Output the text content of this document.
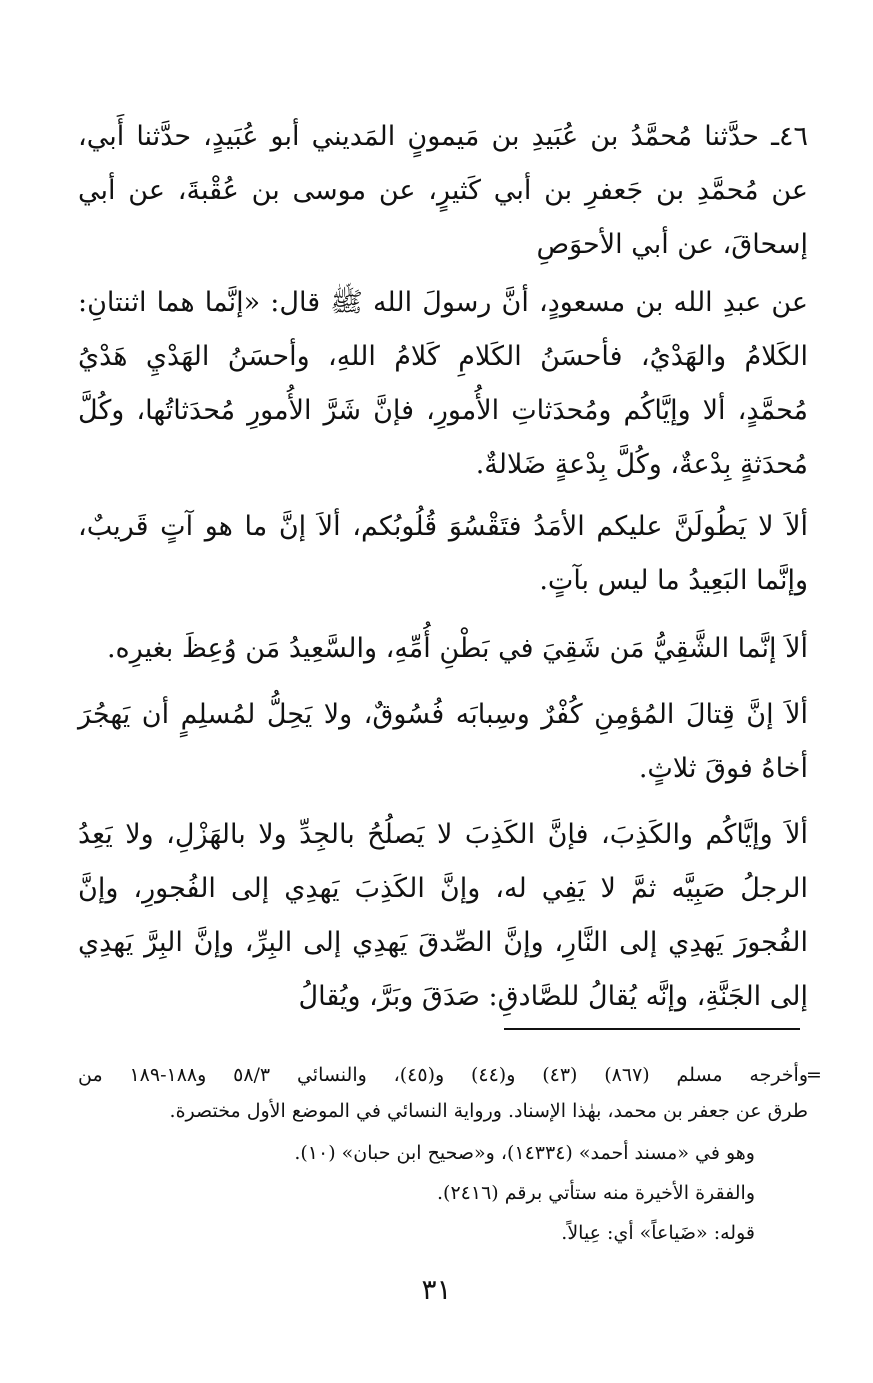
٤٦ـ حدَّثنا مُحمَّدُ بن عُبَيدِ بن مَيمونٍ المَديني أبو عُبَيدٍ، حدَّثنا أَبي، عن مُحمَّدِ بن جَعفرِ بن أبي كَثيرٍ، عن موسى بن عُقْبةَ، عن أبي إسحاقَ، عن أبي الأحوَصِ

عن عبدِ الله بن مسعودٍ، أنَّ رسولَ الله ﷺ قال: «إنَّما هما اثنتانِ: الكَلامُ والهَدْيُ، فأحسَنُ الكَلامِ كَلامُ اللهِ، وأحسَنُ الهَدْيِ هَدْيُ مُحمَّدٍ، ألا وإيَّاكُم ومُحدَثاتِ الأُمورِ، فإنَّ شَرَّ الأُمورِ مُحدَثاتُها، وكُلَّ مُحدَثةٍ بِدْعةٌ، وكُلَّ بِدْعةٍ ضَلالةٌ.

ألاَ لا يَطُولَنَّ عليكم الأمَدُ فتَقْسُوَ قُلُوبُكم، ألاَ إنَّ ما هو آتٍ قَريبٌ، وإنَّما البَعِيدُ ما ليس بآتٍ.

ألاَ إنَّما الشَّقِيُّ مَن شَقِيَ في بَطْنِ أُمِّهِ، والسَّعِيدُ مَن وُعِظَ بغيرِه.

ألاَ إنَّ قِتالَ المُؤمِنِ كُفْرٌ وسِبابَه فُسُوقٌ، ولا يَحِلُّ لمُسلِمٍ أن يَهجُرَ أخاهُ فوقَ ثلاثٍ.

ألاَ وإيَّاكُم والكَذِبَ، فإنَّ الكَذِبَ لا يَصلُحُ بالجِدِّ ولا بالهَزْلِ، ولا يَعِدُ الرجلُ صَبِيَّه ثمَّ لا يَفِي له، وإنَّ الكَذِبَ يَهدِي إلى الفُجورِ، وإنَّ الفُجورَ يَهدِي إلى النَّارِ، وإنَّ الصِّدقَ يَهدِي إلى البِرِّ، وإنَّ البِرَّ يَهدِي إلى الجَنَّةِ، وإنَّه يُقالُ للصَّادقِ: صَدَقَ وبَرَّ، ويُقالُ

=

وأخرجه مسلم (٨٦٧) (٤٣) و(٤٤) و(٤٥)، والنسائي ٥٨/٣ و١٨٨-١٨٩ من

طرق عن جعفر بن محمد، بهٰذا الإسناد. ورواية النسائي في الموضع الأول مختصرة.

وهو في «مسند أحمد» (١٤٣٣٤)، و«صحيح ابن حبان» (١٠).

والفقرة الأخيرة منه ستأتي برقم (٢٤١٦).

قوله: «ضَياعاً» أي: عِيالاً.

٣١
